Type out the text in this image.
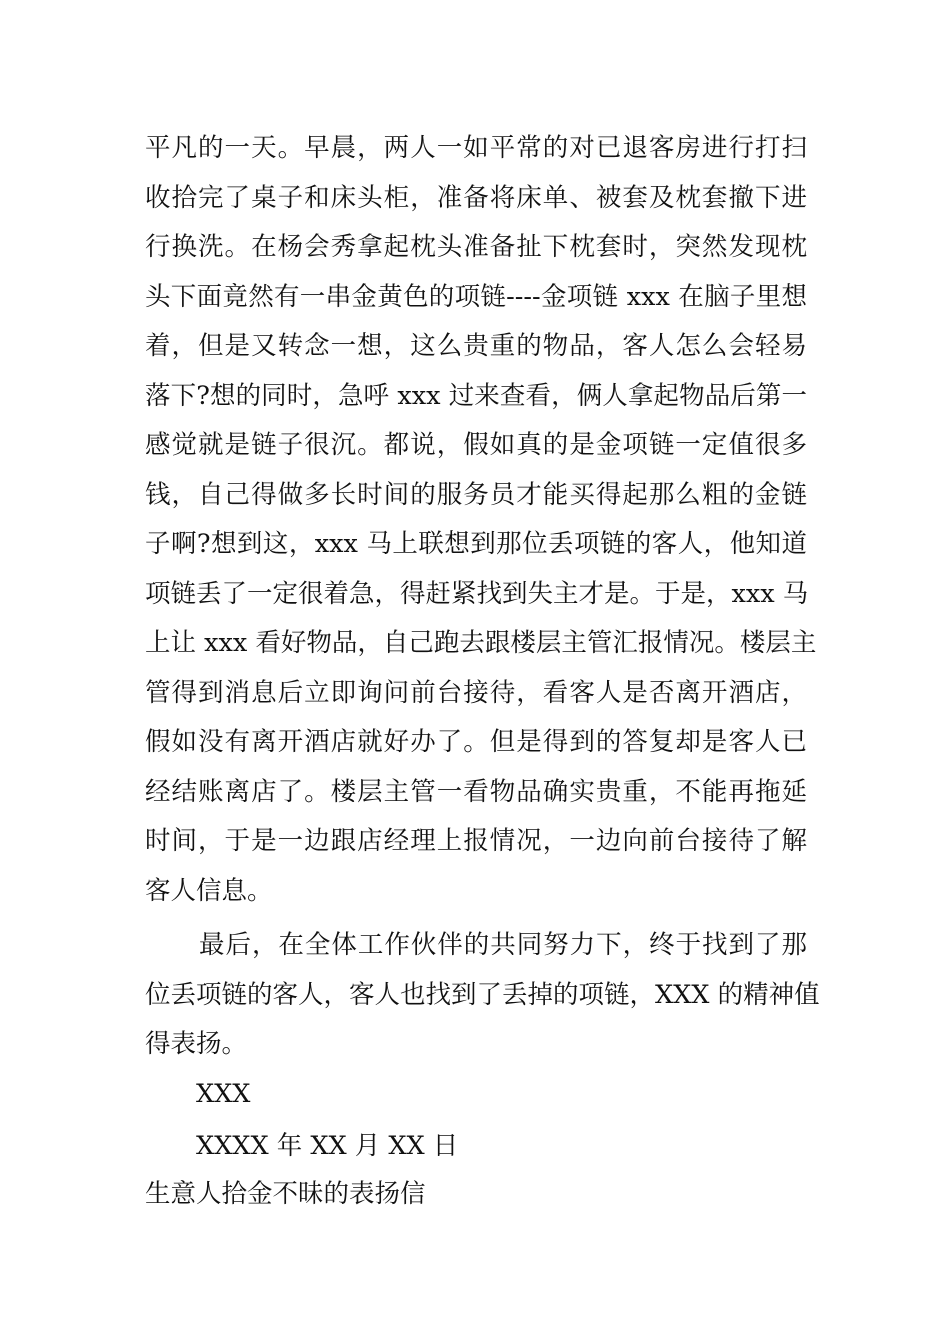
平凡的一天。早晨，两人一如平常的对已退客房进行打扫
收拾完了桌子和床头柜，准备将床单、被套及枕套撤下进
行换洗。在杨会秀拿起枕头准备扯下枕套时，突然发现枕
头下面竟然有一串金黄色的项链----金项链 xxx 在脑子里想
着，但是又转念一想，这么贵重的物品，客人怎么会轻易
落下?想的同时，急呼 xxx 过来查看，俩人拿起物品后第一
感觉就是链子很沉。都说，假如真的是金项链一定值很多
钱，自己得做多长时间的服务员才能买得起那么粗的金链
子啊?想到这，xxx 马上联想到那位丢项链的客人，他知道
项链丢了一定很着急，得赶紧找到失主才是。于是，xxx 马
上让 xxx 看好物品，自己跑去跟楼层主管汇报情况。楼层主
管得到消息后立即询问前台接待，看客人是否离开酒店，
假如没有离开酒店就好办了。但是得到的答复却是客人已
经结账离店了。楼层主管一看物品确实贵重，不能再拖延
时间，于是一边跟店经理上报情况，一边向前台接待了解
客人信息。
最后，在全体工作伙伴的共同努力下，终于找到了那
位丢项链的客人，客人也找到了丢掉的项链，XXX 的精神值
得表扬。
XXX
XXXX 年 XX 月 XX 日
生意人拾金不昧的表扬信
